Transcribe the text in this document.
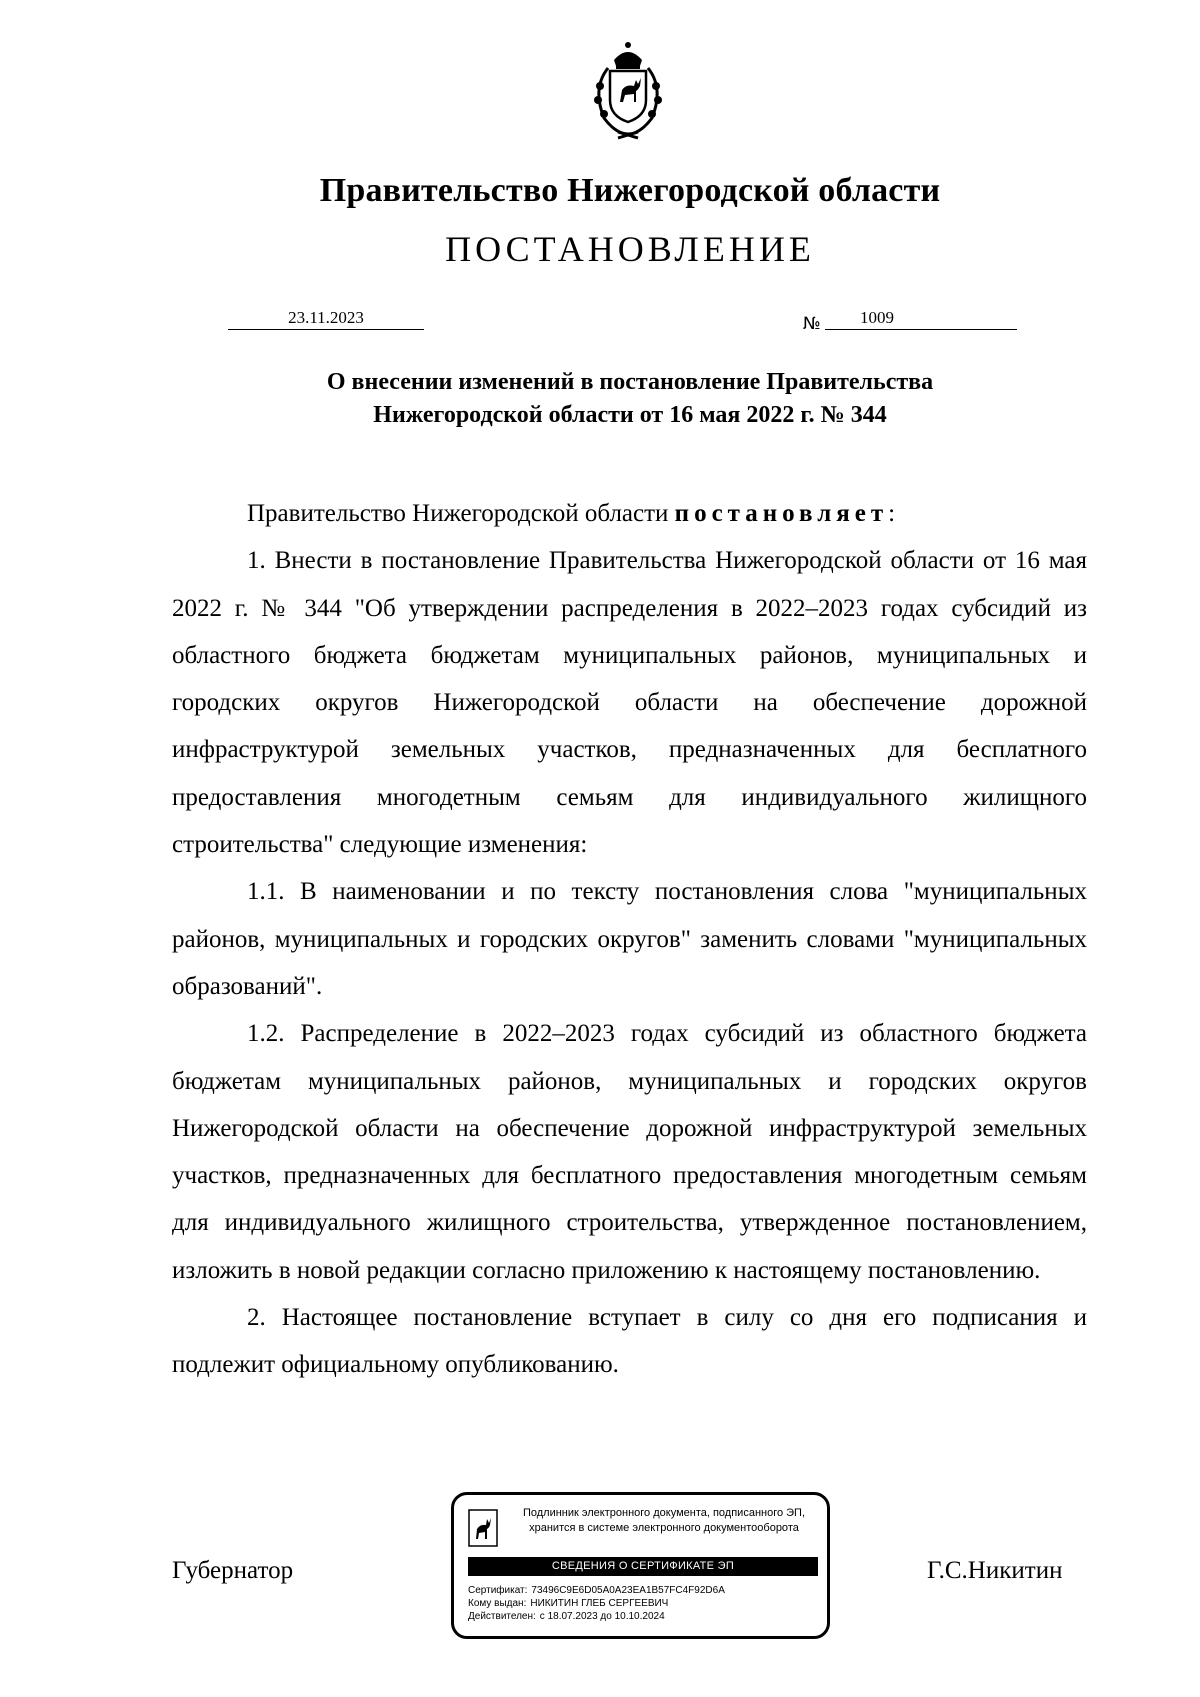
Правительство Нижегородской области
ПОСТАНОВЛЕНИЕ
23.11.2023	№	1009
О внесении изменений в постановление Правительства
Нижегородской области от 16 мая 2022 г. № 344

Правительство Нижегородской области постановляет:

1. Внести в постановление Правительства Нижегородской области от 16 мая 2022 г. № 344 "Об утверждении распределения в 2022–2023 годах субсидий из областного бюджета бюджетам муниципальных районов, муниципальных и городских округов Нижегородской области на обеспечение дорожной инфраструктурой земельных участков, предназначенных для бесплатного предоставления многодетным семьям для индивидуального жилищного строительства" следующие изменения:

1.1. В наименовании и по тексту постановления слова "муниципальных районов, муниципальных и городских округов" заменить словами "муниципальных образований".

1.2. Распределение в 2022–2023 годах субсидий из областного бюджета бюджетам муниципальных районов, муниципальных и городских округов Нижегородской области на обеспечение дорожной инфраструктурой земельных участков, предназначенных для бесплатного предоставления многодетным семьям для индивидуального жилищного строительства, утвержденное постановлением, изложить в новой редакции согласно приложению к настоящему постановлению.

2. Настоящее постановление вступает в силу со дня его подписания и подлежит официальному опубликованию.

Губернатор	Г.С.Никитин
Подлинник электронного документа, подписанного ЭП,
хранится в системе электронного документооборота
СВЕДЕНИЯ О СЕРТИФИКАТЕ ЭП
Сертификат: 73496C9E6D05A0A23EA1B57FC4F92D6A
Кому выдан: НИКИТИН ГЛЕБ СЕРГЕЕВИЧ
Действителен: с 18.07.2023 до 10.10.2024
